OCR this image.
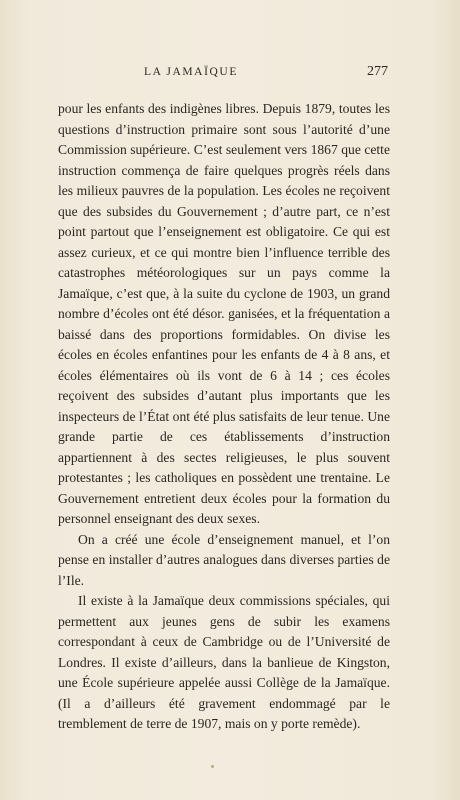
LA JAMAÏQUE	277

pour les enfants des indigènes libres. Depuis 1879, toutes les questions d’instruction primaire sont sous l’autorité d’une Commission supérieure. C’est seulement vers 1867 que cette instruction commença de faire quelques progrès réels dans les milieux pauvres de la population. Les écoles ne reçoivent que des subsides du Gouvernement ; d’autre part, ce n’est point partout que l’enseignement est obligatoire. Ce qui est assez curieux, et ce qui montre bien l’influence terrible des catastrophes météorologiques sur un pays comme la Jamaïque, c’est que, à la suite du cyclone de 1903, un grand nombre d’écoles ont été désor. ganisées, et la fréquentation a baissé dans des proportions formidables. On divise les écoles en écoles enfantines pour les enfants de 4 à 8 ans, et écoles élémentaires où ils vont de 6 à 14 ; ces écoles reçoivent des subsides d’autant plus importants que les inspecteurs de l’État ont été plus satisfaits de leur tenue. Une grande partie de ces établissements d’instruction appartiennent à des sectes religieuses, le plus souvent protestantes ; les catholiques en possèdent une trentaine. Le Gouvernement entretient deux écoles pour la formation du personnel enseignant des deux sexes.

On a créé une école d’enseignement manuel, et l’on pense en installer d’autres analogues dans diverses parties de l’Ile.

Il existe à la Jamaïque deux commissions spéciales, qui permettent aux jeunes gens de subir les examens correspondant à ceux de Cambridge ou de l’Université de Londres. Il existe d’ailleurs, dans la banlieue de Kingston, une École supérieure appelée aussi Collège de la Jamaïque. (Il a d’ailleurs été gravement endommagé par le tremblement de terre de 1907, mais on y porte remède).
